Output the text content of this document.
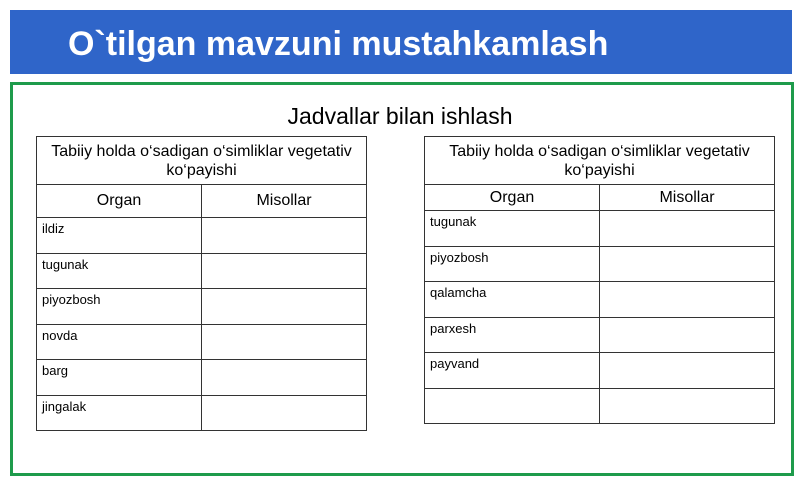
O`tilgan mavzuni mustahkamlash
Jadvallar bilan ishlash
Tabiiy holda o‘sadigan o‘simliklar vegetativ ko‘payishi	
Organ	Misollar
ildiz	
tugunak	
piyozbosh	
novda	
barg	
jingalak	
Tabiiy holda o‘sadigan o‘simliklar vegetativ ko‘payishi	
Organ	Misollar
tugunak	
piyozbosh	
qalamcha	
parxesh	
payvand	
